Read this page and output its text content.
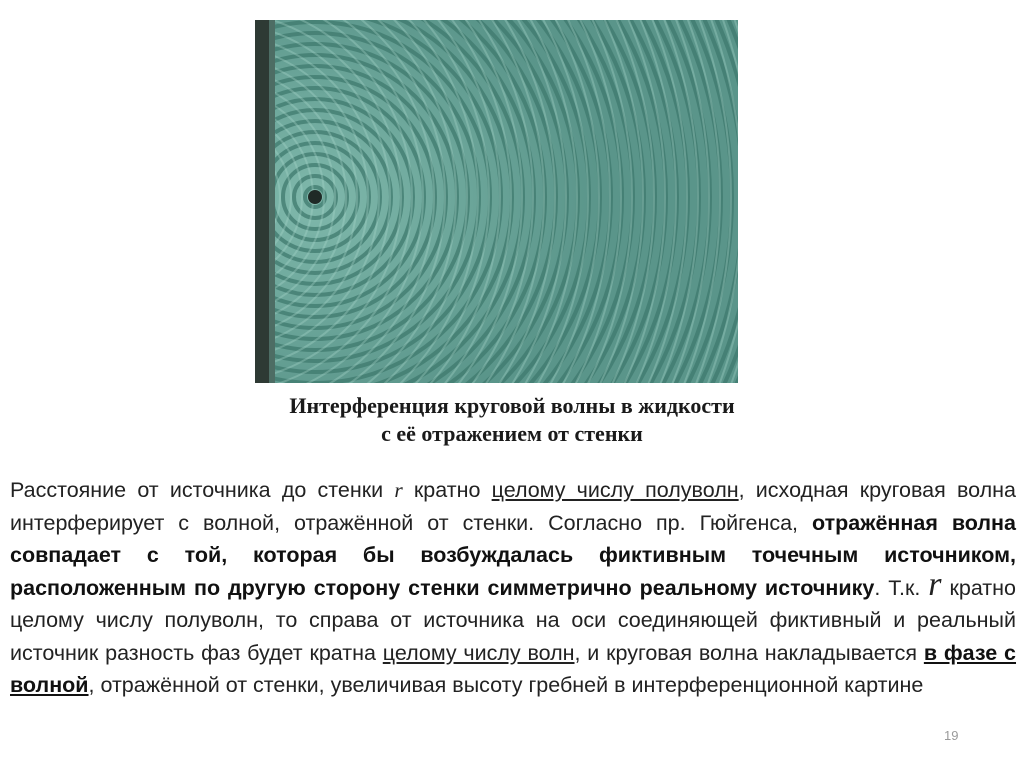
Интерференция круговой волны в жидкости
с её отражением от стенки
Расстояние от источника до стенки r кратно целому числу полуволн, исходная круговая волна интерферирует с волной, отражённой от стенки. Согласно пр. Гюйгенса, отражённая волна совпадает с той, которая бы возбуждалась фиктивным точечным источником, расположенным по другую сторону стенки симметрично реальному источнику. Т.к. r кратно целому числу полуволн, то справа от источника на оси соединяющей фиктивный и реальный источник разность фаз будет кратна целому числу волн, и круговая волна накладывается в фазе с волной, отражённой от стенки, увеличивая высоту гребней в интерференционной картине
19
